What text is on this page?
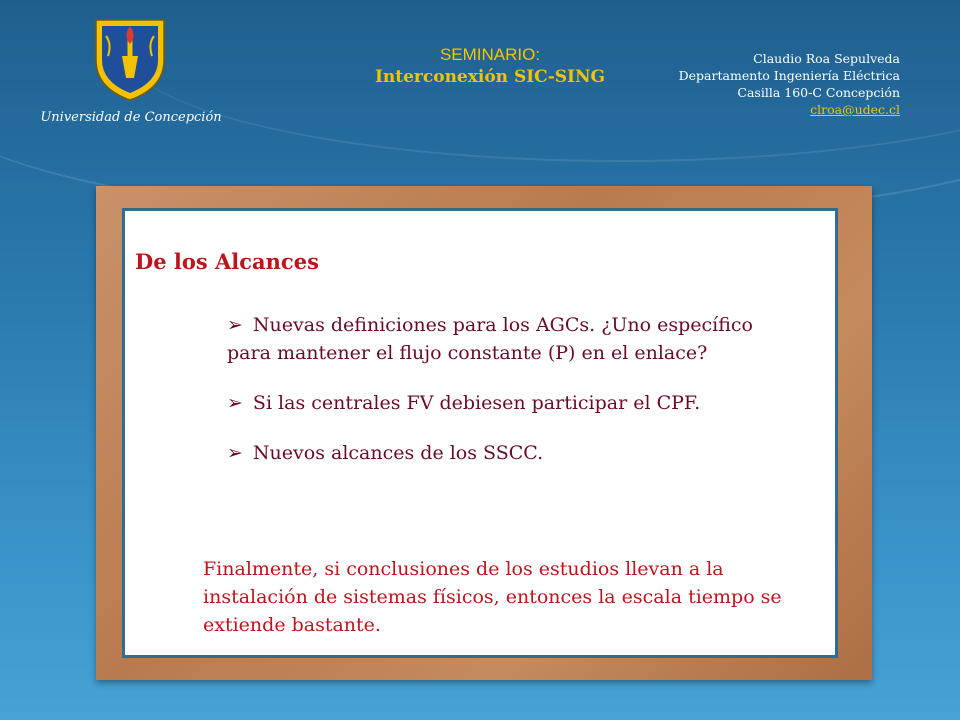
Universidad de Concepción
SEMINARIO:
Interconexión SIC-SING
Claudio Roa Sepulveda
Departamento Ingeniería Eléctrica
Casilla 160-C Concepción
clroa@udec.cl
De los Alcances
➢ Nuevas definiciones para los AGCs. ¿Uno específico para mantener el flujo constante (P) en el enlace?
➢ Si las centrales FV debiesen participar el CPF.
➢ Nuevos alcances de los SSCC.
Finalmente, si conclusiones de los estudios llevan a la instalación de sistemas físicos, entonces la escala tiempo se extiende bastante.
